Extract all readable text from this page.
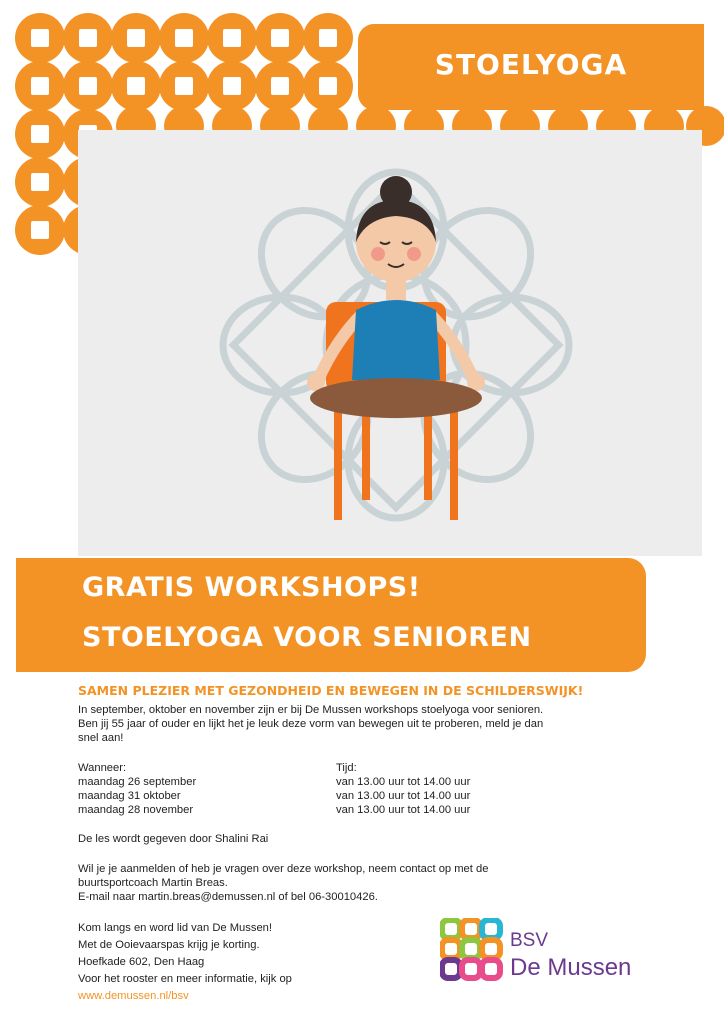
STOELYOGA
GRATIS WORKSHOPS!
STOELYOGA VOOR SENIOREN
SAMEN PLEZIER MET GEZONDHEID EN BEWEGEN IN DE SCHILDERSWIJK!
In september, oktober en november zijn er bij De Mussen workshops stoelyoga voor senioren.
Ben jij 55 jaar of ouder en lijkt het je leuk deze vorm van bewegen uit te proberen, meld je dan
snel aan!
Wanneer:
maandag 26 september
maandag 31 oktober
maandag 28 november
Tijd:
van 13.00 uur tot 14.00 uur
van 13.00 uur tot 14.00 uur
van 13.00 uur tot 14.00 uur
De les wordt gegeven door Shalini Rai
Wil je je aanmelden of heb je vragen over deze workshop, neem contact op met de
buurtsportcoach Martin Breas.
E-mail naar martin.breas@demussen.nl of bel 06-30010426.
Kom langs en word lid van De Mussen!
Met de Ooievaarspas krijg je korting.
Hoefkade 602, Den Haag
Voor het rooster en meer informatie, kijk op
www.demussen.nl/bsv
BSV
De Mussen
